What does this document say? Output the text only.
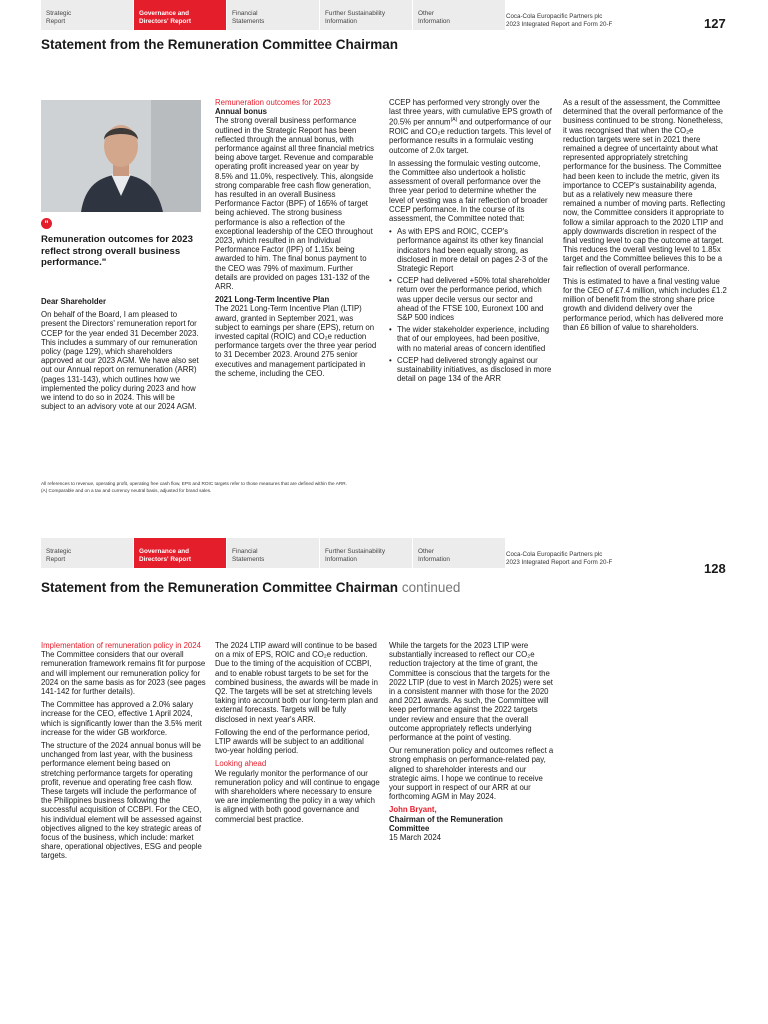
Strategic
Report
Governance and
Directors' Report
Financial
Statements
Further Sustainability
Information
Other
Information
Coca-Cola Europacific Partners plc
2023 Integrated Report and Form 20-F	127
Statement from the Remuneration Committee Chairman
"
Remuneration outcomes for 2023 reflect strong overall business performance."

Dear Shareholder

On behalf of the Board, I am pleased to present the Directors' remuneration report for CCEP for the year ended 31 December 2023. This includes a summary of our remuneration policy (page 129), which shareholders approved at our 2023 AGM. We have also set out our Annual report on remuneration (ARR) (pages 131-143), which outlines how we implemented the policy during 2023 and how we intend to do so in 2024. This will be subject to an advisory vote at our 2024 AGM.

Remuneration outcomes for 2023

Annual bonus

The strong overall business performance outlined in the Strategic Report has been reflected through the annual bonus, with performance against all three financial metrics being above target. Revenue and comparable operating profit increased year on year by 8.5% and 11.0%, respectively. This, alongside strong comparable free cash flow generation, has resulted in an overall Business Performance Factor (BPF) of 165% of target being achieved. The strong business performance is also a reflection of the exceptional leadership of the CEO throughout 2023, which resulted in an Individual Performance Factor (IPF) of 1.15x being awarded to him. The final bonus payment to the CEO was 79% of maximum. Further details are provided on pages 131-132 of the ARR.

2021 Long-Term Incentive Plan

The 2021 Long-Term Incentive Plan (LTIP) award, granted in September 2021, was subject to earnings per share (EPS), return on invested capital (ROIC) and CO₂e reduction performance targets over the three year period to 31 December 2023. Around 275 senior executives and management participated in the scheme, including the CEO.

CCEP has performed very strongly over the last three years, with cumulative EPS growth of 20.5% per annum$^{(A)}$ and outperformance of our ROIC and CO₂e reduction targets. This level of performance results in a formulaic vesting outcome of 2.0x target.

In assessing the formulaic vesting outcome, the Committee also undertook a holistic assessment of overall performance over the three year period to determine whether the level of vesting was a fair reflection of broader CCEP performance. In the course of its assessment, the Committee noted that:

• As with EPS and ROIC, CCEP's performance against its other key financial indicators had been equally strong, as disclosed in more detail on pages 2-3 of the Strategic Report
• CCEP had delivered +50% total shareholder return over the performance period, which was upper decile versus our sector and ahead of the FTSE 100, Euronext 100 and S&P 500 indices
• The wider stakeholder experience, including that of our employees, had been positive, with no material areas of concern identified
• CCEP had delivered strongly against our sustainability initiatives, as disclosed in more detail on page 134 of the ARR

As a result of the assessment, the Committee determined that the overall performance of the business continued to be strong. Nonetheless, it was recognised that when the CO₂e reduction targets were set in 2021 there remained a degree of uncertainty about what represented appropriately stretching performance for the business. The Committee had been keen to include the metric, given its importance to CCEP's sustainability agenda, but as a relatively new measure there remained a number of moving parts. Reflecting now, the Committee considers it appropriate to follow a similar approach to the 2020 LTIP and apply downwards discretion in respect of the final vesting level to cap the outcome at target. This reduces the overall vesting level to 1.85x target and the Committee believes this to be a fair reflection of overall performance.

This is estimated to have a final vesting value for the CEO of £7.4 million, which includes £1.2 million of benefit from the strong share price growth and dividend delivery over the performance period, which has delivered more than £6 billion of value to shareholders.

All references to revenue, operating profit, operating free cash flow, EPS and ROIC targets refer to those measures that are defined within the ARR.
(A) Comparable and on a tax and currency neutral basis, adjusted for brand sales.
Strategic
Report
Governance and
Directors' Report
Financial
Statements
Further Sustainability
Information
Other
Information
Coca-Cola Europacific Partners plc
2023 Integrated Report and Form 20-F	128
Statement from the Remuneration Committee Chairman continued

Implementation of remuneration policy in 2024

The Committee considers that our overall remuneration framework remains fit for purpose and will implement our remuneration policy for 2024 on the same basis as for 2023 (see pages 141-142 for further details).

The Committee has approved a 2.0% salary increase for the CEO, effective 1 April 2024, which is significantly lower than the 3.5% merit increase for the wider GB workforce.

The structure of the 2024 annual bonus will be unchanged from last year, with the business performance element being based on stretching performance targets for operating profit, revenue and operating free cash flow. These targets will include the performance of the Philippines business following the successful acquisition of CCBPI. For the CEO, his individual element will be assessed against objectives aligned to the key strategic areas of focus of the business, which include: market share, operational objectives, ESG and people targets.

The 2024 LTIP award will continue to be based on a mix of EPS, ROIC and CO₂e reduction. Due to the timing of the acquisition of CCBPI, and to enable robust targets to be set for the combined business, the awards will be made in Q2. The targets will be set at stretching levels taking into account both our long-term plan and external forecasts. Targets will be fully disclosed in next year's ARR.

Following the end of the performance period, LTIP awards will be subject to an additional two-year holding period.

Looking ahead

We regularly monitor the performance of our remuneration policy and will continue to engage with shareholders where necessary to ensure we are implementing the policy in a way which is aligned with both good governance and commercial best practice.

While the targets for the 2023 LTIP were substantially increased to reflect our CO₂e reduction trajectory at the time of grant, the Committee is conscious that the targets for the 2022 LTIP (due to vest in March 2025) were set in a consistent manner with those for the 2020 and 2021 awards. As such, the Committee will keep performance against the 2022 targets under review and ensure that the overall outcome appropriately reflects underlying performance at the point of vesting.

Our remuneration policy and outcomes reflect a strong emphasis on performance-related pay, aligned to shareholder interests and our strategic aims. I hope we continue to receive your support in respect of our ARR at our forthcoming AGM in May 2024.

John Bryant,
Chairman of the Remuneration Committee
15 March 2024
